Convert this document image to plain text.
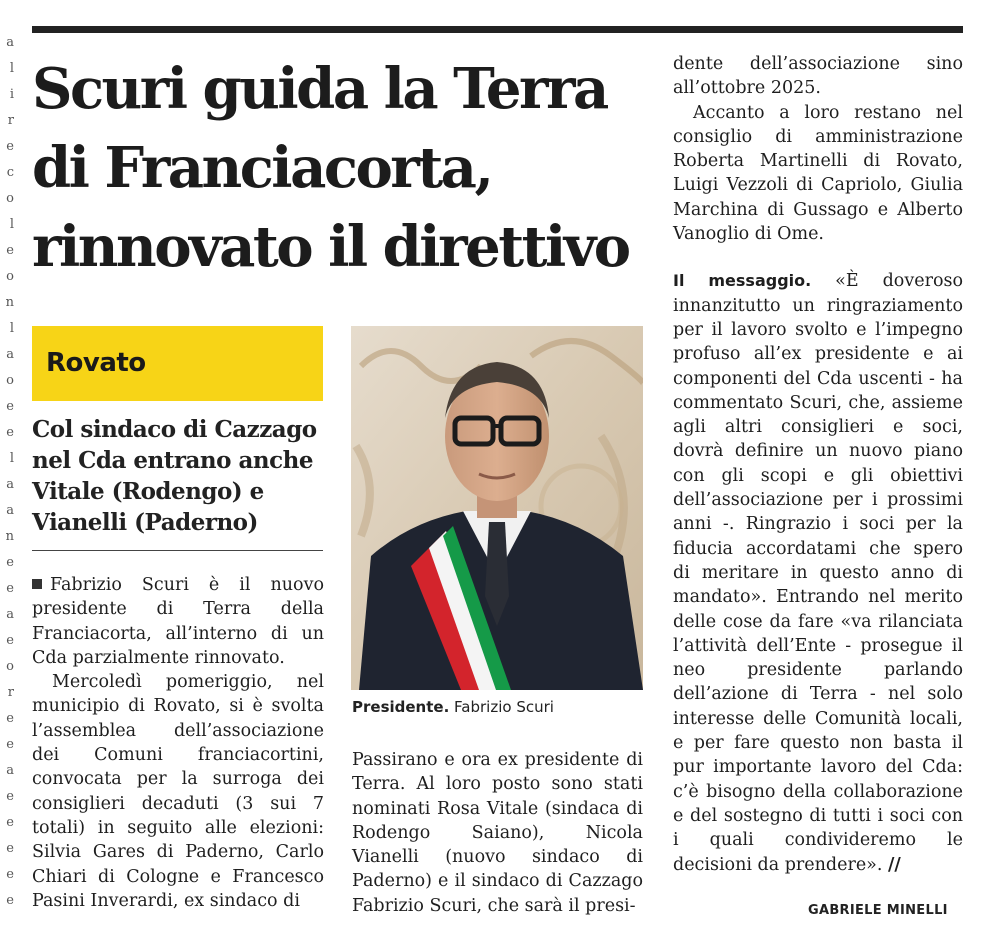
a
l
i
r
e
c
o
l
e
o
n
l
a
o
e
e
l
a
a
n
e
e
a
e
o
r
e
e
a
e
e
e
e
e
Scuri guida la Terra di Franciacorta, rinnovato il direttivo
Rovato
Col sindaco di Cazzago nel Cda entrano anche Vitale (Rodengo) e Vianelli (Paderno)

Fabrizio Scuri è il nuovo presidente di Terra della Franciacorta, all’interno di un Cda parzialmente rinnovato.

Mercoledì pomeriggio, nel municipio di Rovato, si è svolta l’assemblea dell’associazione dei Comuni franciacortini, convocata per la surroga dei consiglieri decaduti (3 sui 7 totali) in seguito alle elezioni: Silvia Gares di Paderno, Carlo Chiari di Cologne e Francesco Pasini Inverardi, ex sindaco di

Presidente. Fabrizio Scuri

Passirano e ora ex presidente di Terra. Al loro posto sono stati nominati Rosa Vitale (sindaca di Rodengo Saiano), Nicola Vianelli (nuovo sindaco di Paderno) e il sindaco di Cazzago Fabrizio Scuri, che sarà il presi-

dente dell’associazione sino all’ottobre 2025.

Accanto a loro restano nel consiglio di amministrazione Roberta Martinelli di Rovato, Luigi Vezzoli di Capriolo, Giulia Marchina di Gussago e Alberto Vanoglio di Ome.

Il messaggio. «È doveroso innanzitutto un ringraziamento per il lavoro svolto e l’impegno profuso all’ex presidente e ai componenti del Cda uscenti - ha commentato Scuri, che, assieme agli altri consiglieri e soci, dovrà definire un nuovo piano con gli scopi e gli obiettivi dell’associazione per i prossimi anni -. Ringrazio i soci per la fiducia accordatami che spero di meritare in questo anno di mandato». Entrando nel merito delle cose da fare «va rilanciata l’attività dell’Ente - prosegue il neo presidente parlando dell’azione di Terra - nel solo interesse delle Comunità locali, e per fare questo non basta il pur importante lavoro del Cda: c’è bisogno della collaborazione e del sostegno di tutti i soci con i quali condivideremo le decisioni da prendere». //

GABRIELE MINELLI
